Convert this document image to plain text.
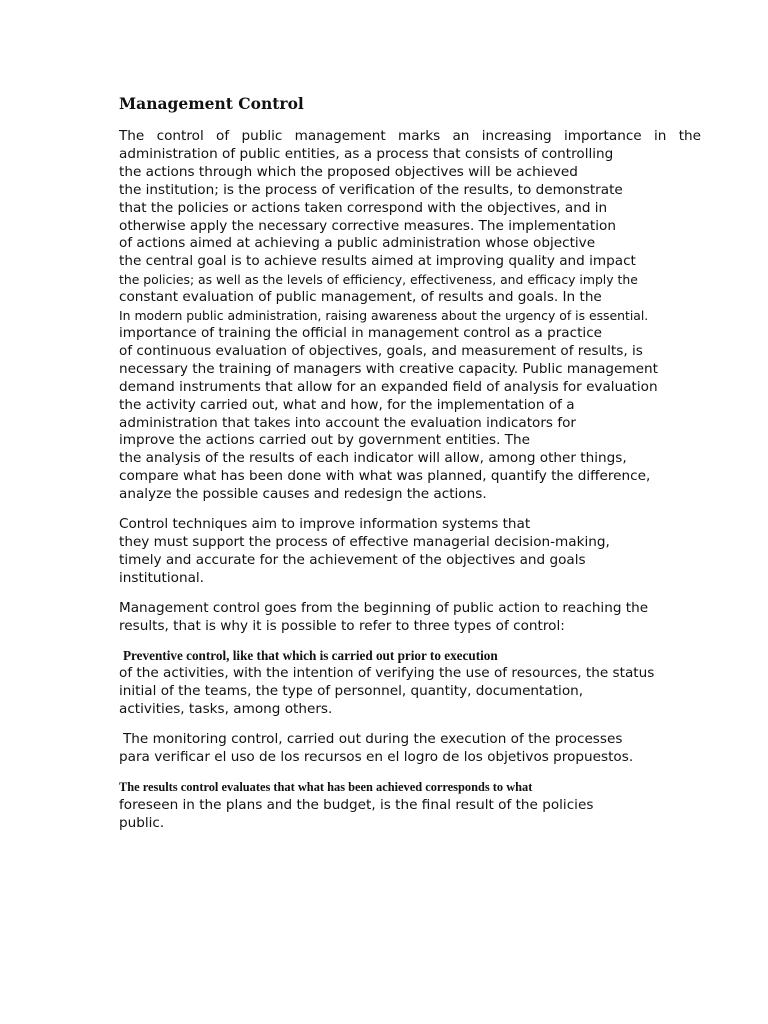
Management Control
The control of public management marks an increasing importance in the
administration of public entities, as a process that consists of controlling
the actions through which the proposed objectives will be achieved
the institution; is the process of verification of the results, to demonstrate
that the policies or actions taken correspond with the objectives, and in
otherwise apply the necessary corrective measures. The implementation
of actions aimed at achieving a public administration whose objective
the central goal is to achieve results aimed at improving quality and impact
the policies; as well as the levels of efficiency, effectiveness, and efficacy imply the
constant evaluation of public management, of results and goals. In the
In modern public administration, raising awareness about the urgency of is essential.
importance of training the official in management control as a practice
of continuous evaluation of objectives, goals, and measurement of results, is
necessary the training of managers with creative capacity. Public management
demand instruments that allow for an expanded field of analysis for evaluation
the activity carried out, what and how, for the implementation of a
administration that takes into account the evaluation indicators for
improve the actions carried out by government entities. The
the analysis of the results of each indicator will allow, among other things,
compare what has been done with what was planned, quantify the difference,
analyze the possible causes and redesign the actions.
Control techniques aim to improve information systems that
they must support the process of effective managerial decision-making,
timely and accurate for the achievement of the objectives and goals
institutional.
Management control goes from the beginning of public action to reaching the
results, that is why it is possible to refer to three types of control:
Preventive control, like that which is carried out prior to execution
of the activities, with the intention of verifying the use of resources, the status
initial of the teams, the type of personnel, quantity, documentation,
activities, tasks, among others.
The monitoring control, carried out during the execution of the processes
para verificar el uso de los recursos en el logro de los objetivos propuestos.
The results control evaluates that what has been achieved corresponds to what
foreseen in the plans and the budget, is the final result of the policies
public.
